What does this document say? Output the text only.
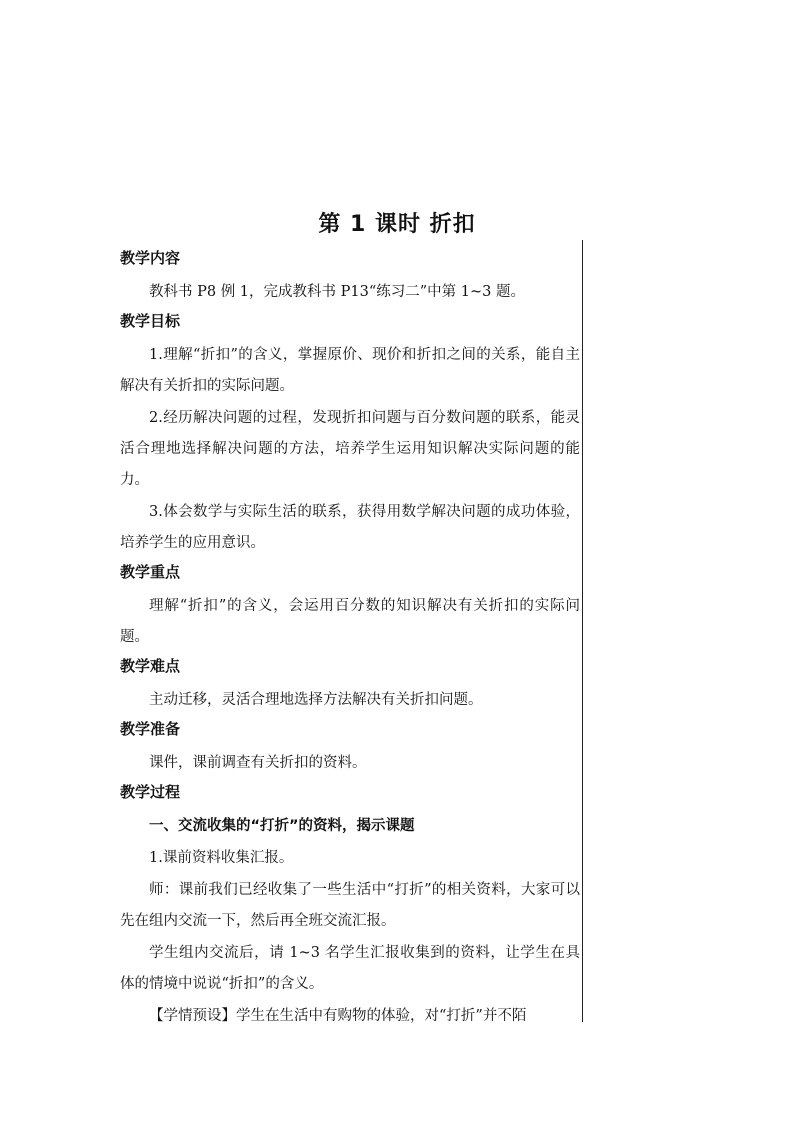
第 1 课时 折扣
教学内容
教科书 P8 例 1，完成教科书 P13“练习二”中第 1~3 题。
教学目标
1.理解“折扣”的含义，掌握原价、现价和折扣之间的关系，能自主解决有关折扣的实际问题。
2.经历解决问题的过程，发现折扣问题与百分数问题的联系，能灵活合理地选择解决问题的方法，培养学生运用知识解决实际问题的能力。
3.体会数学与实际生活的联系，获得用数学解决问题的成功体验，培养学生的应用意识。
教学重点
理解“折扣”的含义，会运用百分数的知识解决有关折扣的实际问题。
教学难点
主动迁移，灵活合理地选择方法解决有关折扣问题。
教学准备
课件，课前调查有关折扣的资料。
教学过程
一、交流收集的“打折”的资料，揭示课题
1.课前资料收集汇报。
师：课前我们已经收集了一些生活中“打折”的相关资料，大家可以先在组内交流一下，然后再全班交流汇报。
学生组内交流后，请 1~3 名学生汇报收集到的资料，让学生在具体的情境中说说“折扣”的含义。
【学情预设】学生在生活中有购物的体验，对“打折”并不陌
